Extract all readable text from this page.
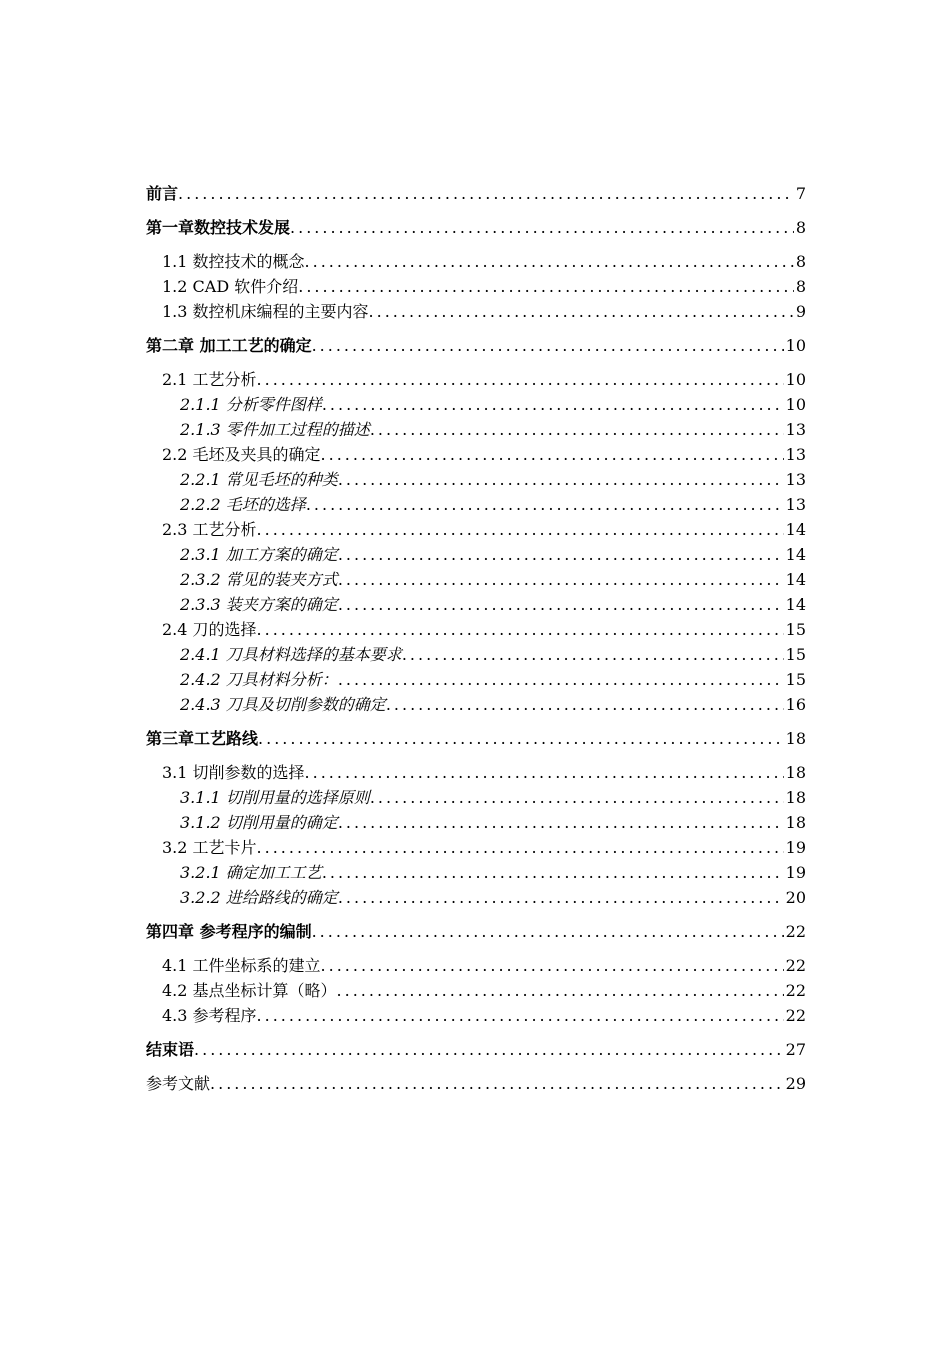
前言 .....	7
第一章数控技术发展 .....	8
1.1 数控技术的概念 .....	8
1.2 CAD 软件介绍 .....	8
1.3 数控机床编程的主要内容 .....	9
第二章 加工工艺的确定 .....	10
2.1 工艺分析 .....	10
2.1.1 分析零件图样 .....	10
2.1.3 零件加工过程的描述 .....	13
2.2 毛坯及夹具的确定 .....	13
2.2.1 常见毛坯的种类 .....	13
2.2.2 毛坯的选择 .....	13
2.3 工艺分析 .....	14
2.3.1 加工方案的确定 .....	14
2.3.2 常见的装夹方式 .....	14
2.3.3 装夹方案的确定 .....	14
2.4 刀的选择 .....	15
2.4.1 刀具材料选择的基本要求 .....	15
2.4.2 刀具材料分析： .....	15
2.4.3 刀具及切削参数的确定 .....	16
第三章工艺路线 .....	18
3.1 切削参数的选择 .....	18
3.1.1 切削用量的选择原则 .....	18
3.1.2 切削用量的确定 .....	18
3.2 工艺卡片 .....	19
3.2.1 确定加工工艺 .....	19
3.2.2 进给路线的确定 .....	20
第四章 参考程序的编制 .....	22
4.1 工件坐标系的建立 .....	22
4.2 基点坐标计算（略） .....	22
4.3 参考程序 .....	22
结束语 .....	27
参考文献 .....	29
